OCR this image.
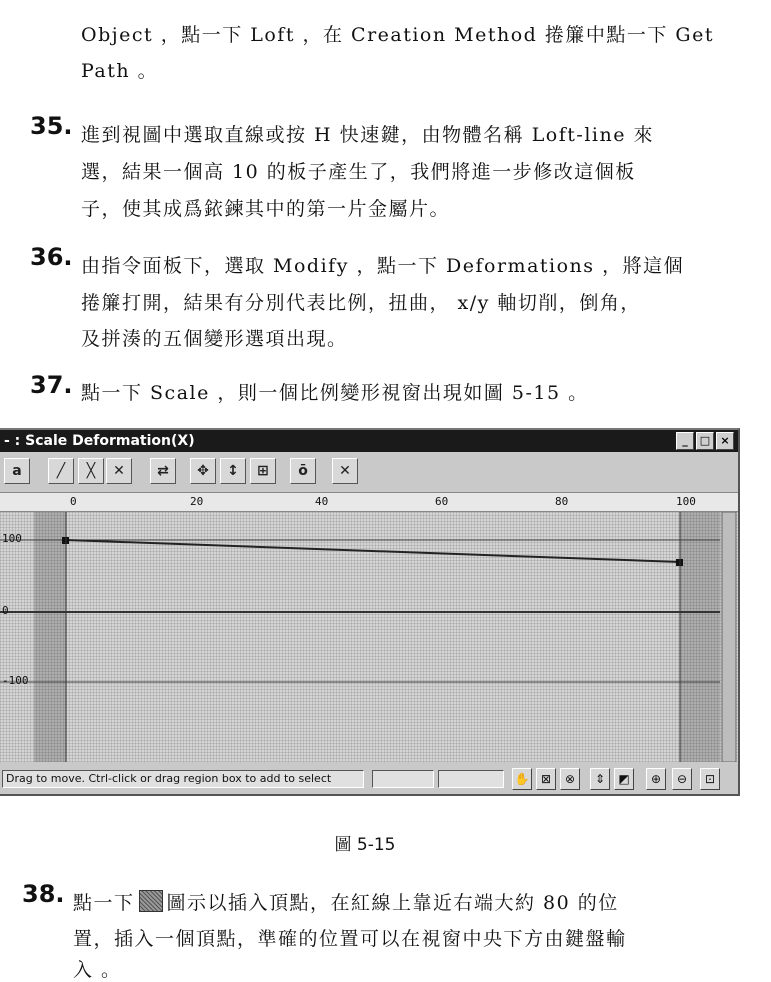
Object ，點一下 Loft ，在 Creation Method 捲簾中點一下 Get
Path 。
35. 進到視圖中選取直線或按 H 快速鍵，由物體名稱 Loft-line 來
選，結果一個高 10 的板子產生了，我們將進一步修改這個板
子，使其成爲銥鍊其中的第一片金屬片。
36. 由指令面板下，選取 Modify ，點一下 Deformations ，將這個
捲簾打開，結果有分別代表比例，扭曲， x/y 軸切削，倒角，
及拼湊的五個變形選項出現。
37. 點一下 Scale ，則一個比例變形視窗出現如圖 5-15 。
- : Scale Deformation(X)	_	□ ×
a	╱	╳	✕	⇄	✥	↕	⊞	ō	✕
0	20	40	60	80	100
100
0
-100
Drag to move. Ctrl-click or drag region box to add to select	✋ ⊠	⊗	⇕	◩	⊕	⊖	⊡
圖 5-15
38. 點一下 圖示以插入頂點，在紅線上靠近右端大約 80 的位
置，插入一個頂點，準確的位置可以在視窗中央下方由鍵盤輸
入 。
